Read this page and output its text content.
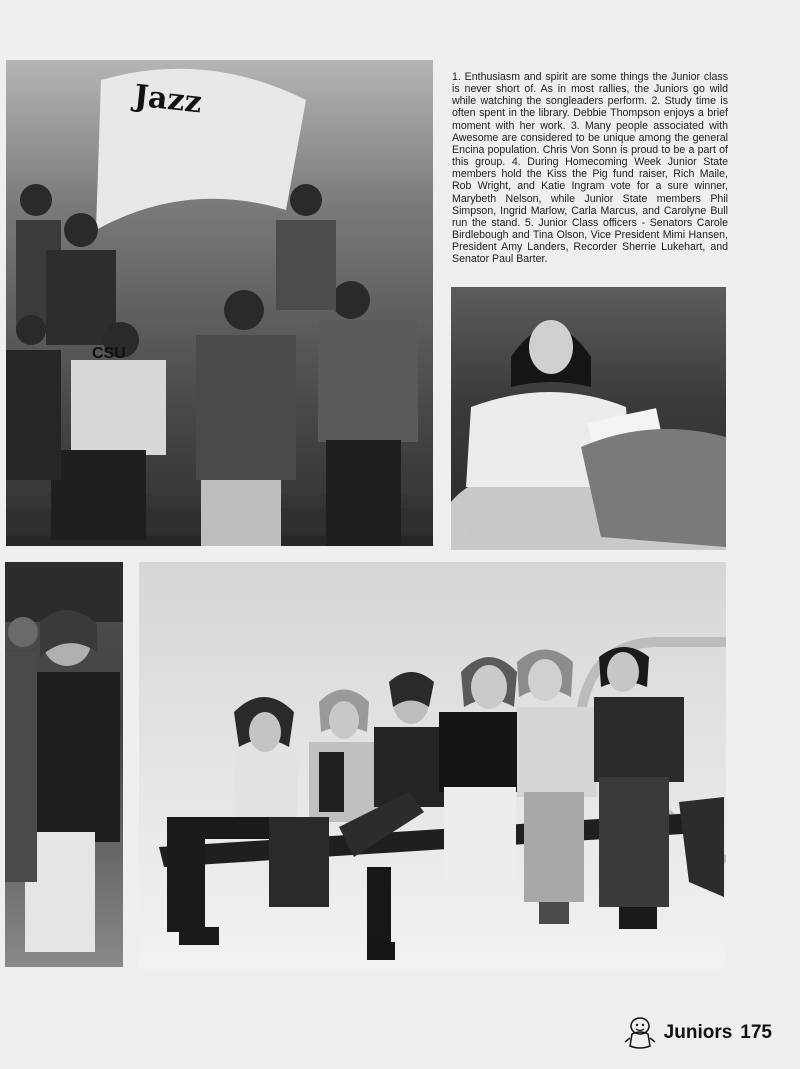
Jazz
CSU
1. Enthusiasm and spirit are some things the Junior class is never short of. As in most rallies, the Juniors go wild while watching the songleaders perform. 2. Study time is often spent in the library. Debbie Thompson enjoys a brief moment with her work. 3. Many people associated with Awesome are considered to be unique among the general Encina population. Chris Von Sonn is proud to be a part of this group. 4. During Homecoming Week Junior State members hold the Kiss the Pig fund raiser, Rich Maile, Rob Wright, and Katie Ingram vote for a sure winner, Marybeth Nelson, while Junior State members Phil Simpson, Ingrid Marlow, Carla Marcus, and Carolyne Bull run the stand. 5. Junior Class officers - Senators Carole Birdlebough and Tina Olson, Vice President Mimi Hansen, President Amy Landers, Recorder Sherrie Lukehart, and Senator Paul Barter.
2
Juniors 175
